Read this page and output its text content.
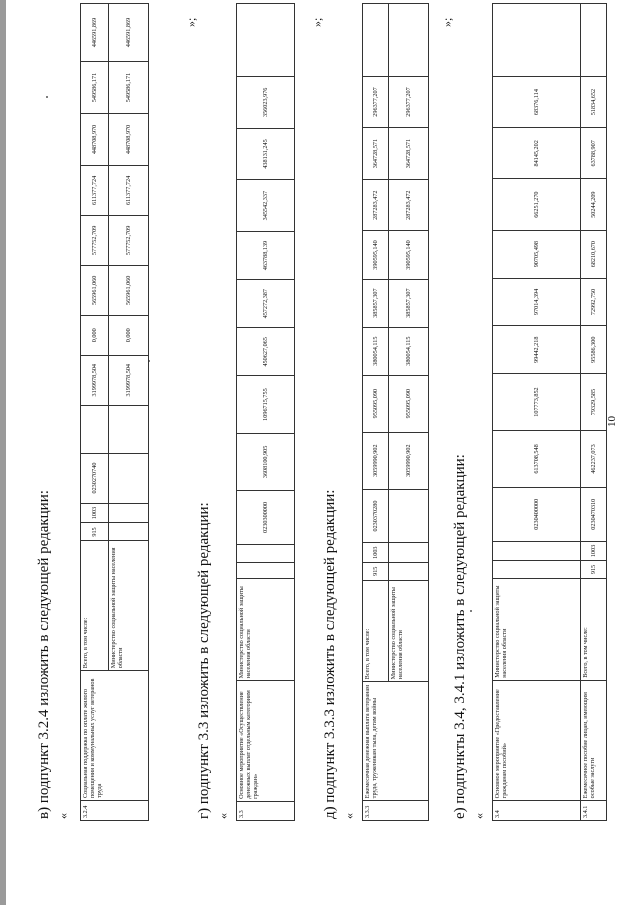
10
в) подпункт 3.2.4 изложить в следующей редакции: « 3.2.4	Социальная поддержка по оплате жилого помещения и коммунальных услуг ветеранов труда	Всего, в том числе:	915	1003	0230270740		3199978,504	0,000	565961,060	577752,709	611377,724	448708,970	549586,171	446591,869
		Министерство социальной защиты населения области					3199978,504	0,000	565961,060	577752,709	611377,724	448708,970	549586,171	446591,869	»;
г) подпункт 3.3 изложить в следующей редакции: « 3.3	Основное мероприятие «Осуществление денежных выплат отдельным категориям граждан»	Министерство социальной защиты населения области			0230300000	3608100,905	1096715,755	450627,065	457272,387	463788,139	345542,337	438131,245	356023,976	
»;
д) подпункт 3.3.3 изложить в следующей редакции: « 3.3.3	Ежемесячная денежная выплата ветеранам труда, труженикам тыла, детям войны	Всего, в том числе:	915	1003	0230370280	3059990,902	955095,090	380054,115	385857,307	390595,140	287283,472	364728,571	296377,207	
		Министерство социальной защиты населения области				3059990,902	955095,090	380054,115	385857,307	390595,140	287283,472	364728,571	296377,207	
»;
е) подпункты 3.4, 3.4.1 изложить в следующей редакции: « 3.4	Основное мероприятие «Предоставление гражданам пособий»	Министерство социальной защиты населения области			0230400000	613708,548	107773,852	99442,218	97014,394	90705,498	66251,270	84145,202	68376,114	
3.4.1	Ежемесячное пособие лицам, имеющим особые заслуги	Всего, в том числе:	915	1003	0230470310	462237,073	79329,585	95586,300	72992,750	68210,670	50244,209	63788,907	51834,652	
